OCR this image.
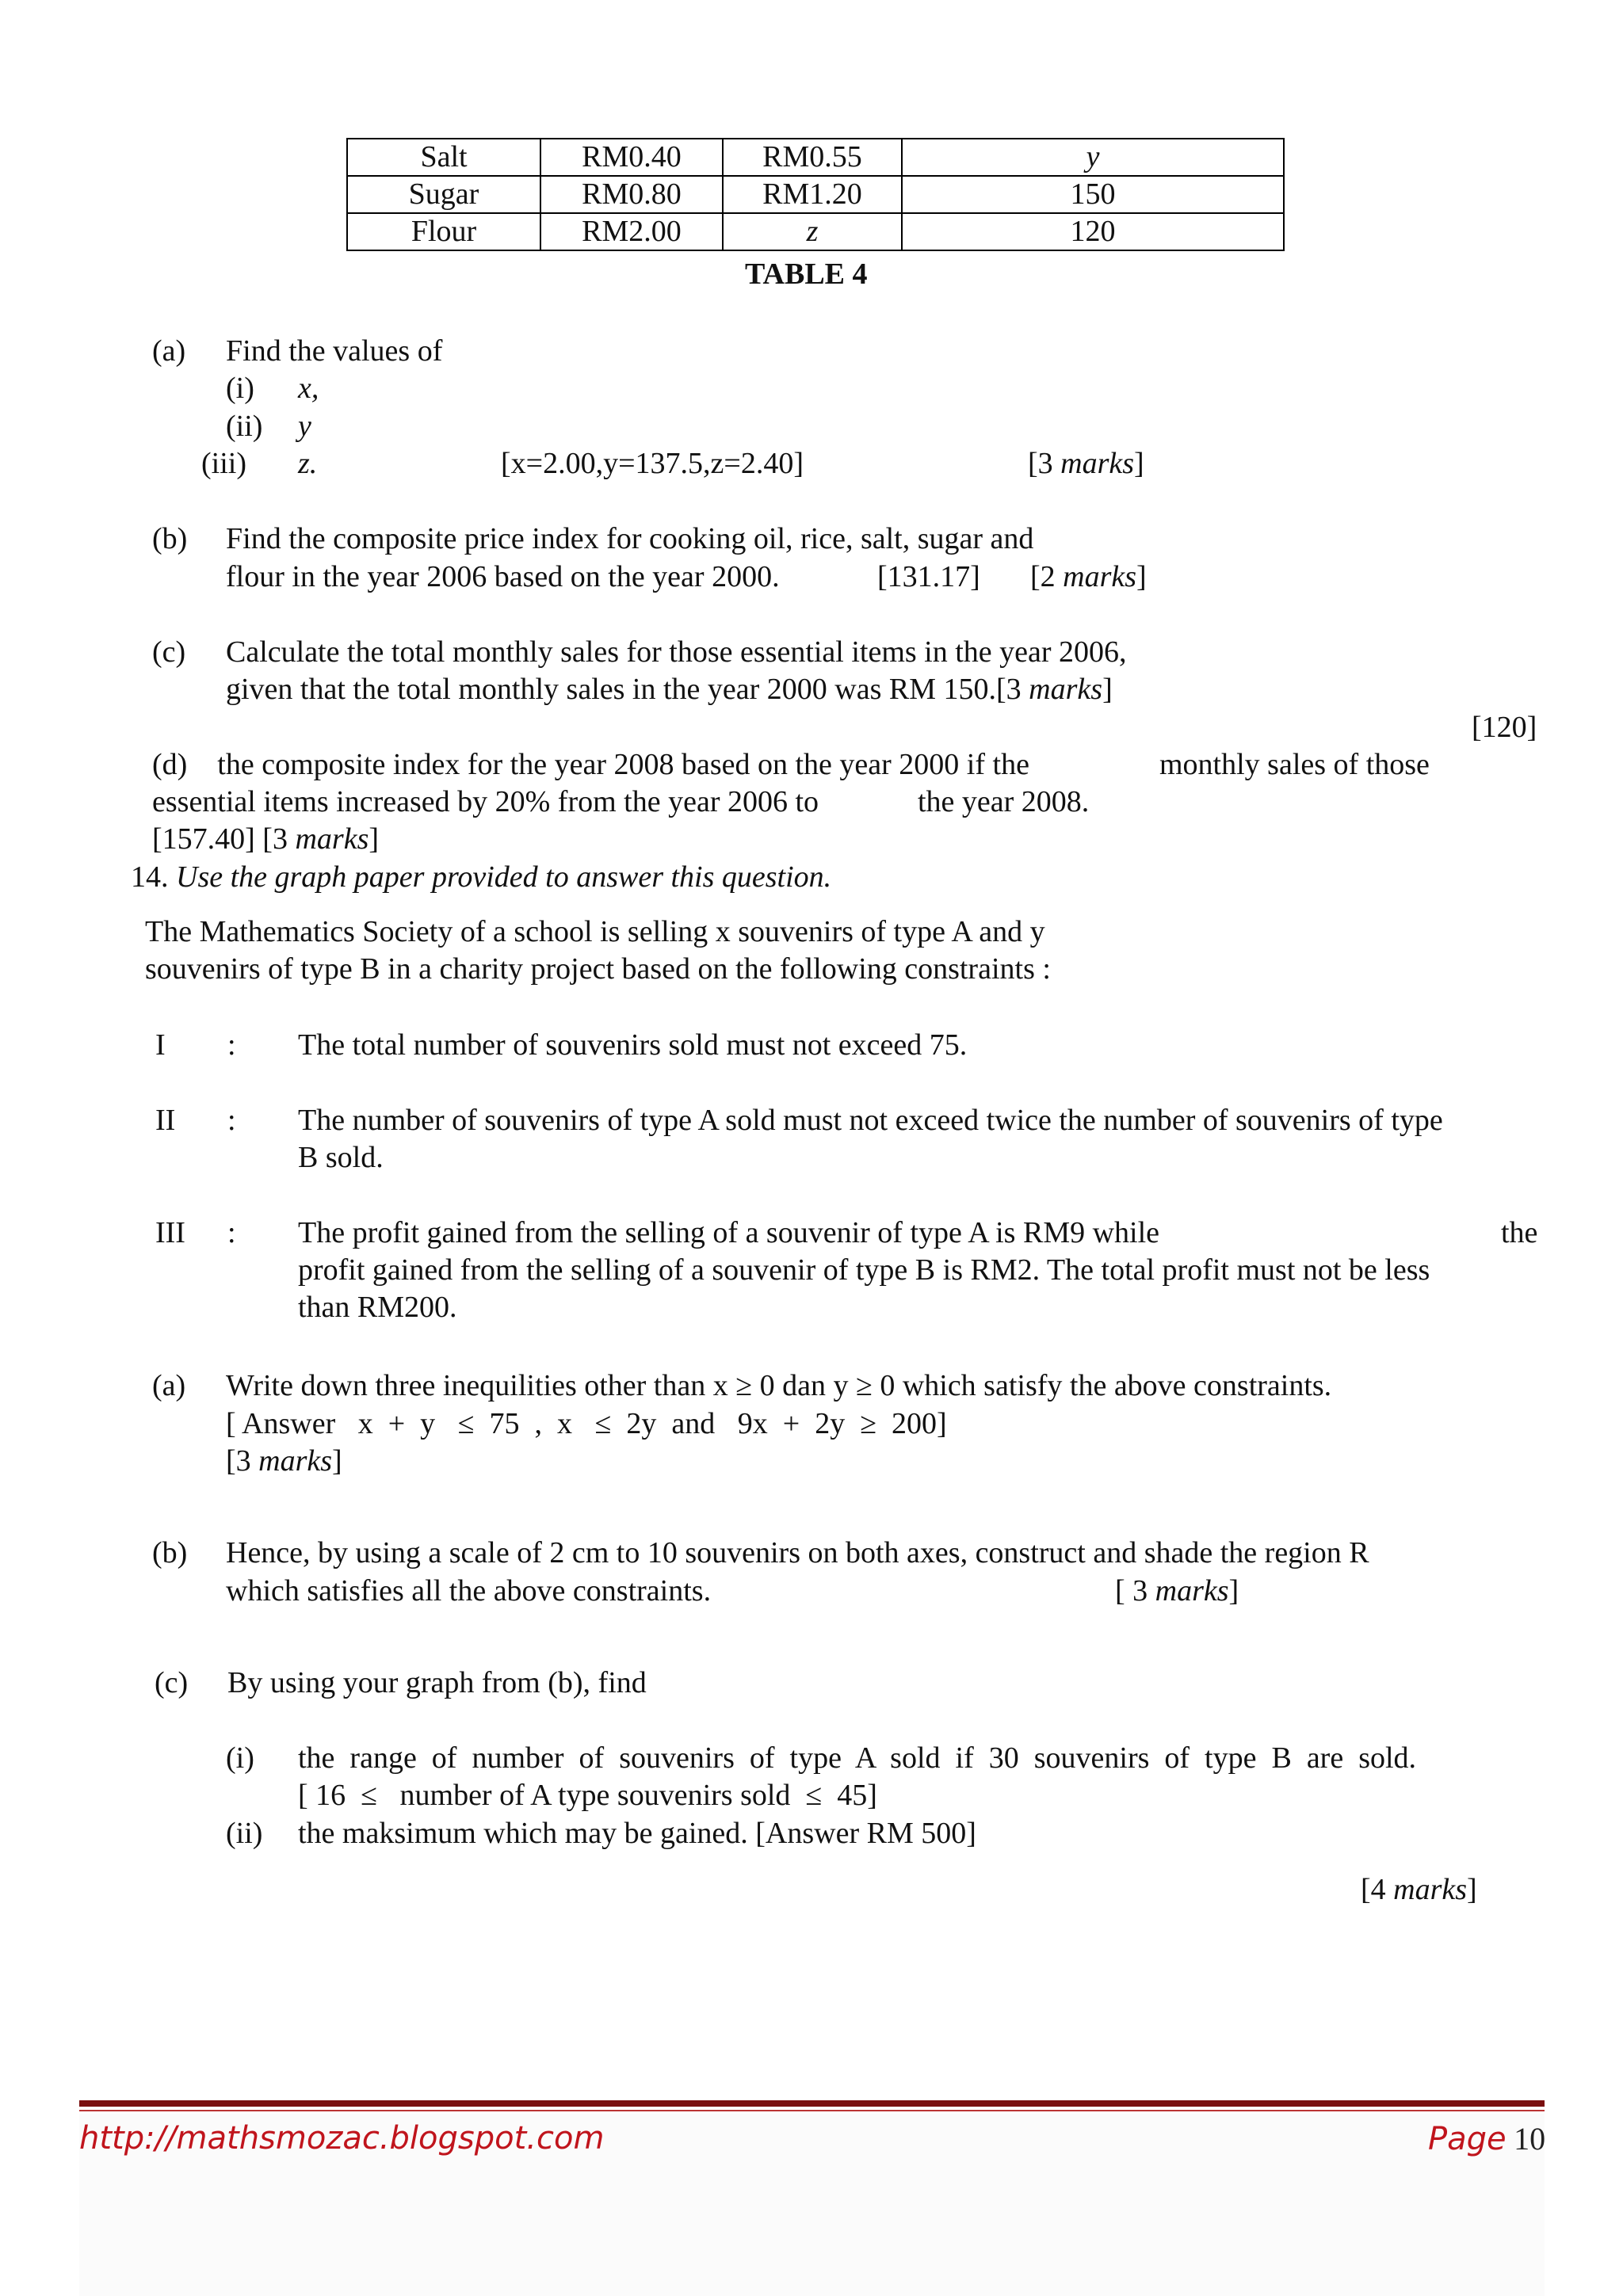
Salt	RM0.40	RM0.55	y
Sugar	RM0.80	RM1.20	150
Flour	RM2.00	z	120
TABLE 4
(a) Find the values of
(i) x,
(ii) y
(iii) z.	[x=2.00,y=137.5,z=2.40]	[3 marks]
(b) Find the composite price index for cooking oil, rice, salt, sugar and
flour in the year 2006 based on the year 2000.	[131.17] [2 marks]
(c) Calculate the total monthly sales for those essential items in the year 2006,
given that the total monthly sales in the year 2000 was RM 150.[3 marks]
[120]
(d)    the composite index for the year 2008 based on the year 2000 if the	monthly sales of those
essential items increased by 20% from the year 2006 to	the year 2008.
[157.40] [3 marks]
14. Use the graph paper provided to answer this question.
The Mathematics Society of a school is selling x souvenirs of type A and y
souvenirs of type B in a charity project based on the following constraints :
I : The total number of souvenirs sold must not exceed 75.
II : The number of souvenirs of type A sold must not exceed twice the number of souvenirs of type
B sold.
III : The profit gained from the selling of a souvenir of type A is RM9 while	the
profit gained from the selling of a souvenir of type B is RM2. The total profit must not be less
than RM200.
(a) Write down three inequilities other than x ≥ 0 dan y ≥ 0 which satisfy the above constraints.
[ Answer   x  +  y   ≤  75  ,  x   ≤  2y  and   9x  +  2y  ≥  200]
[3 marks]
(b) Hence, by using a scale of 2 cm to 10 souvenirs on both axes, construct and shade the region R
which satisfies all the above constraints.	[ 3 marks]
(c) By using your graph from (b), find
(i) the  range  of  number  of  souvenirs  of  type  A  sold  if  30  souvenirs  of  type  B  are  sold.
[ 16  ≤   number of A type souvenirs sold  ≤  45]
(ii) the maksimum which may be gained. [Answer RM 500]
[4 marks]
http://mathsmozac.blogspot.com	Page 10
